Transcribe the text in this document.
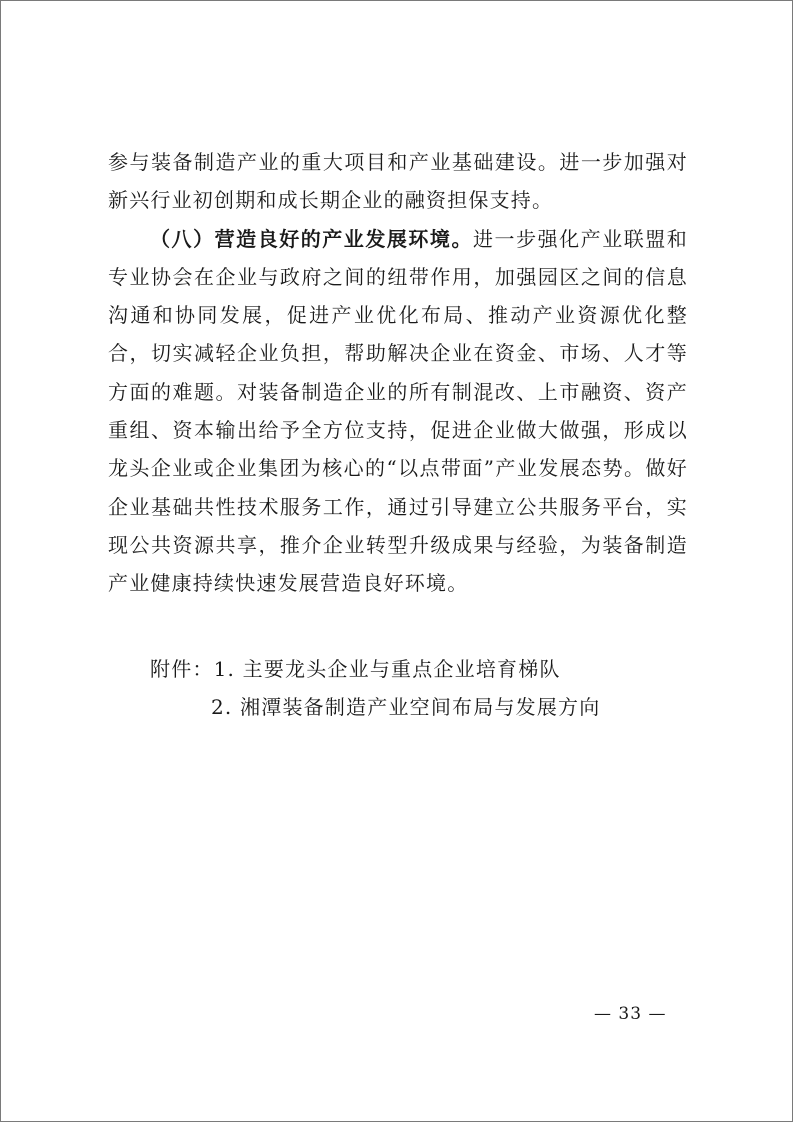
参与装备制造产业的重大项目和产业基础建设。进一步加强对新兴行业初创期和成长期企业的融资担保支持。

（八）营造良好的产业发展环境。进一步强化产业联盟和专业协会在企业与政府之间的纽带作用，加强园区之间的信息沟通和协同发展，促进产业优化布局、推动产业资源优化整合，切实减轻企业负担，帮助解决企业在资金、市场、人才等方面的难题。对装备制造企业的所有制混改、上市融资、资产重组、资本输出给予全方位支持，促进企业做大做强，形成以龙头企业或企业集团为核心的“以点带面”产业发展态势。做好企业基础共性技术服务工作，通过引导建立公共服务平台，实现公共资源共享，推介企业转型升级成果与经验，为装备制造产业健康持续快速发展营造良好环境。

附件：1. 主要龙头企业与重点企业培育梯队
2. 湘潭装备制造产业空间布局与发展方向
— 33 —
